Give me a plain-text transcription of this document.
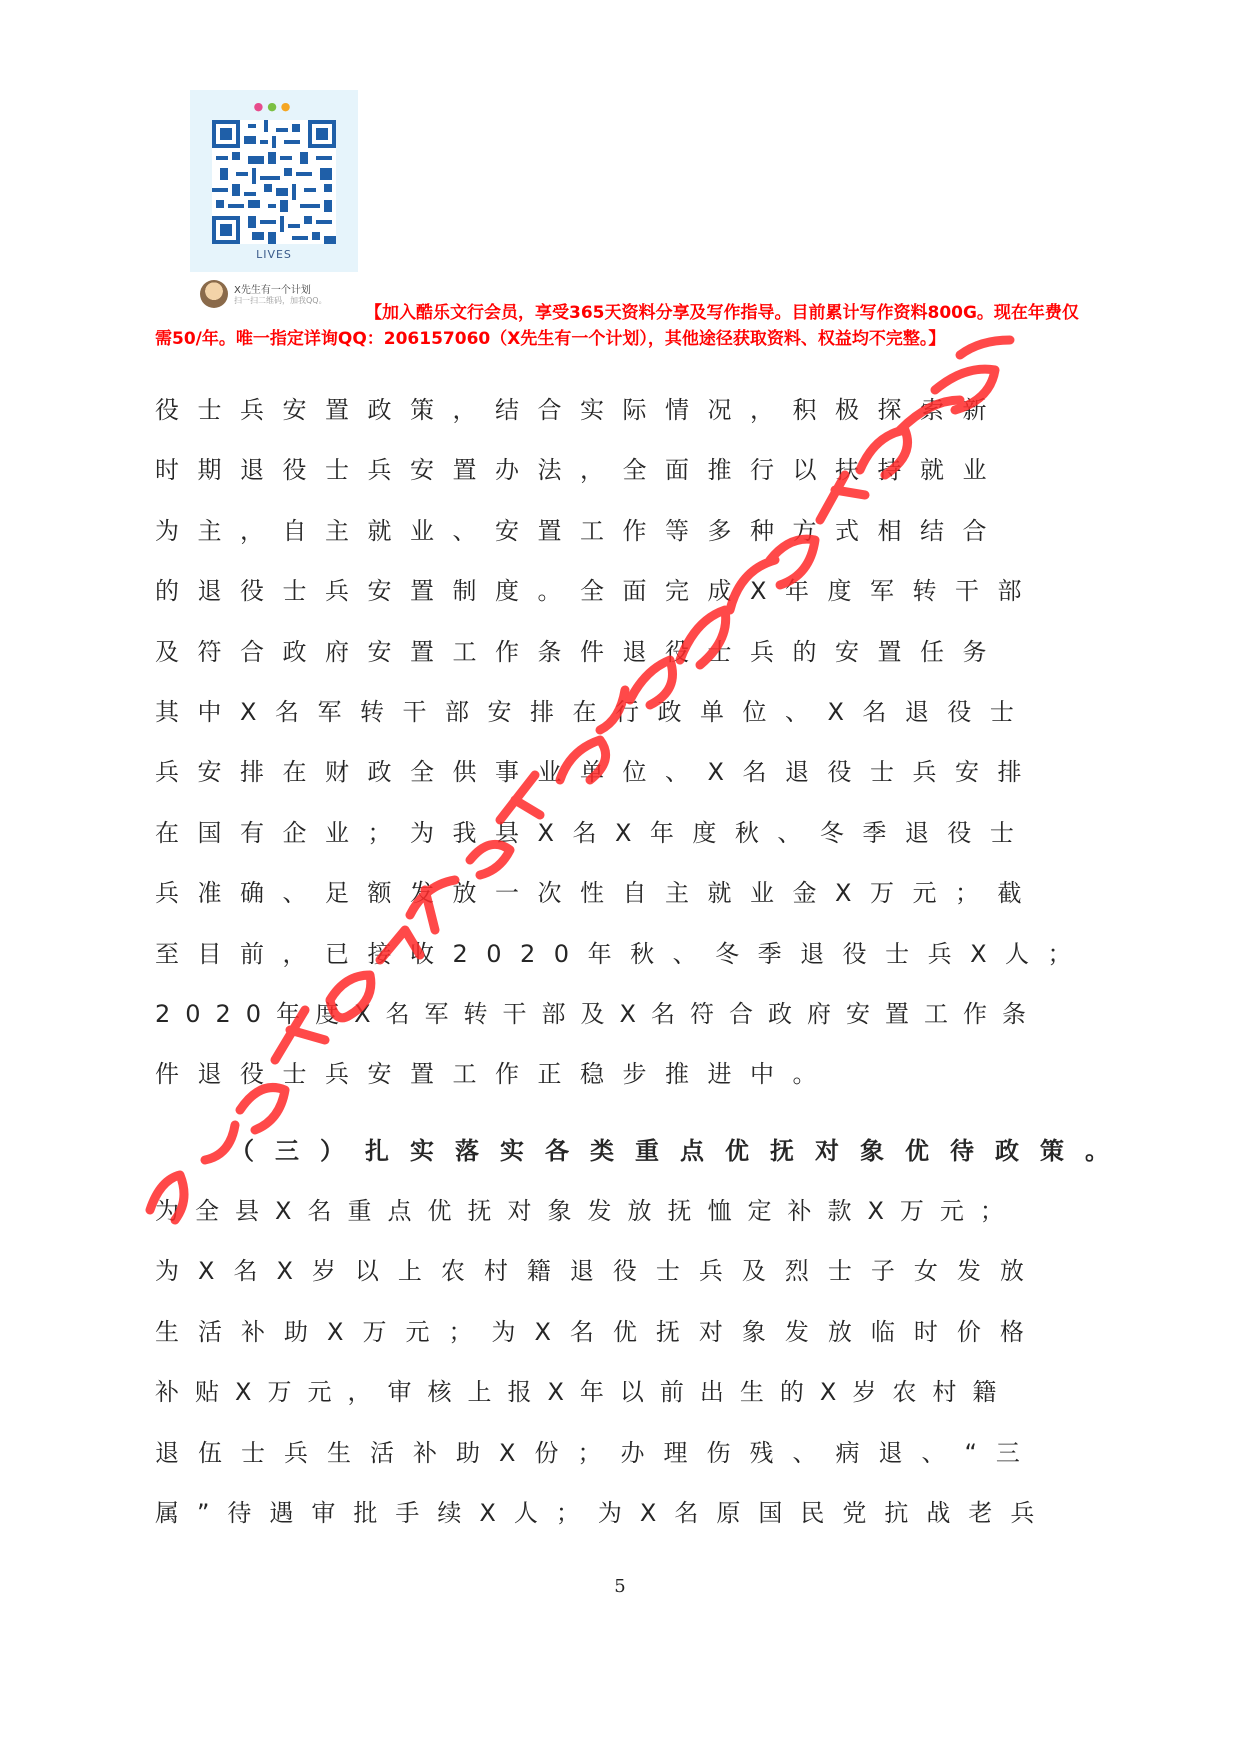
●●●
LIVES
X先生有一个计划
扫一扫二维码，加我QQ。
【加入酷乐文行会员，享受365天资料分享及写作指导。目前累计写作资料800G。现在年费仅需50/年。唯一指定详询QQ：206157060（X先生有一个计划），其他途径获取资料、权益均不完整。】
役士兵安置政策，结合实际情况，积极探索新
时期退役士兵安置办法，全面推行以扶持就业
为主，自主就业、安置工作等多种方式相结合
的退役士兵安置制度。全面完成X年度军转干部
及符合政府安置工作条件退役士兵的安置任务
其中X名军转干部安排在行政单位、X名退役士
兵安排在财政全供事业单位、X名退役士兵安排
在国有企业；为我县X名X年度秋、冬季退役士
兵准确、足额发放一次性自主就业金X万元；截
至目前，已接收2020年秋、冬季退役士兵X人；
2020年度X名军转干部及X名符合政府安置工作条
件退役士兵安置工作正稳步推进中。
（三）扎实落实各类重点优抚对象优待政策。
为全县X名重点优抚对象发放抚恤定补款X万元；
为X名X岁以上农村籍退役士兵及烈士子女发放
生活补助X万元；为X名优抚对象发放临时价格
补贴X万元，审核上报X年以前出生的X岁农村籍
退伍士兵生活补助X份；办理伤残、病退、“三
属”待遇审批手续X人；为X名原国民党抗战老兵
5
